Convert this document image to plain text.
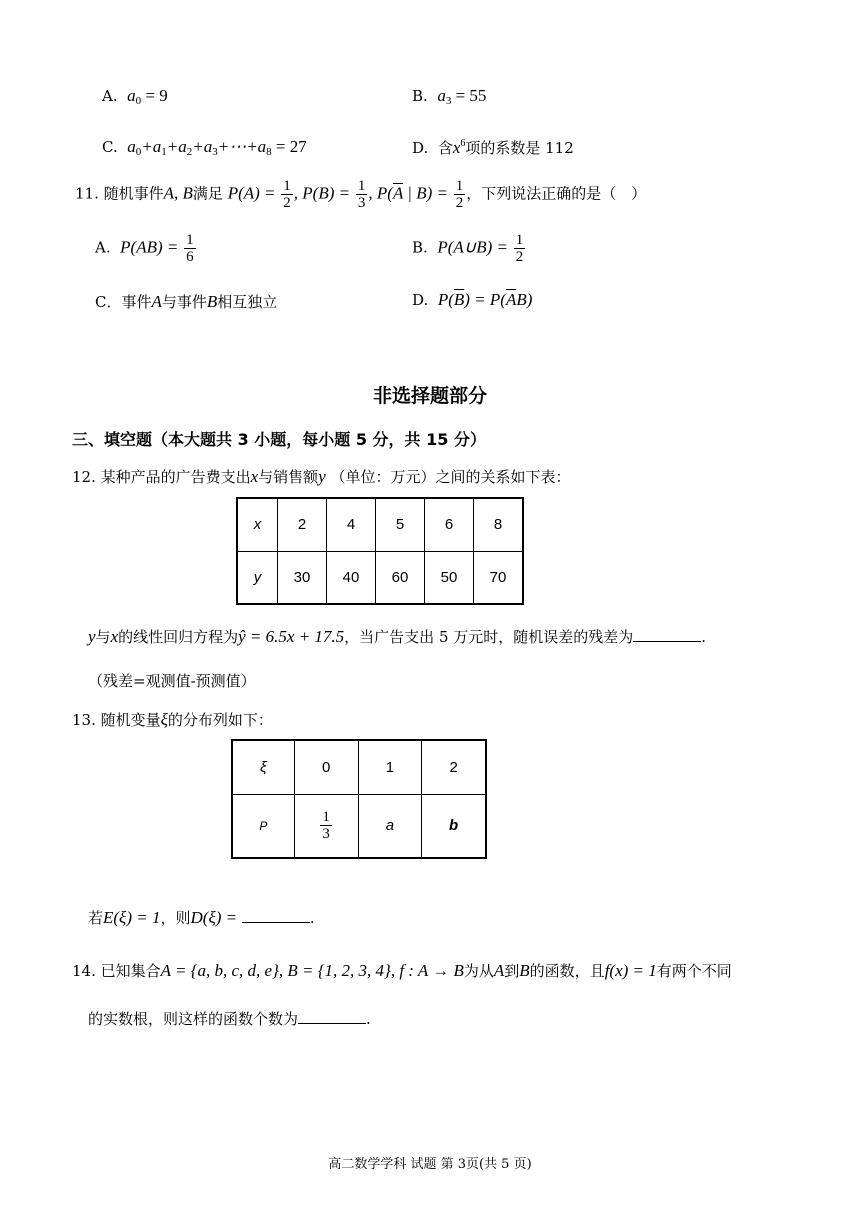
A. $a_0 = 9$	B. $a_3 = 55$
C. $a_0+a_1+a_2+a_3+\cdots+a_8 = 27$	D. 含$x^6$项的系数是 112
11. 随机事件A, B满足 $P(A) = \frac{1}{2}$ , $P(B) = \frac{1}{3}$ , $P(\overline{A}$ | $B) = \frac{1}{2}$ ，下列说法正确的是（　）
A. $P(AB) = \frac{1}{6}$	B. P(A∪B) = $\frac{1}{2}$
C．事件A与事件B相互独立	D. $P(\overline{B}) = P(\overline{A}B)$
非选择题部分
三、填空题（本大题共 3 小题，每小题 5 分，共 15 分）
12. 某种产品的广告费支出x与销售额y （单位：万元）之间的关系如下表：
x	2	4	5	6	8
y	30	40	60	50	70
y与x的线性回归方程为ŷ = 6.5x + 17.5，当广告支出 5 万元时，随机误差的残差为	.
（残差=观测值-预测值）
13. 随机变量ξ的分布列如下：
ξ	0	1	2
P	$\frac{1}{3}$	a	b
若E(ξ) = 1，则D(ξ) =	.
14. 已知集合A = {a, b, c, d, e}, B = {1, 2, 3, 4}, f : A → B为从A到B的函数，且f(x) = 1有两个不同
的实数根，则这样的函数个数为	.
高二数学学科 试题 第 3页(共 5 页)
